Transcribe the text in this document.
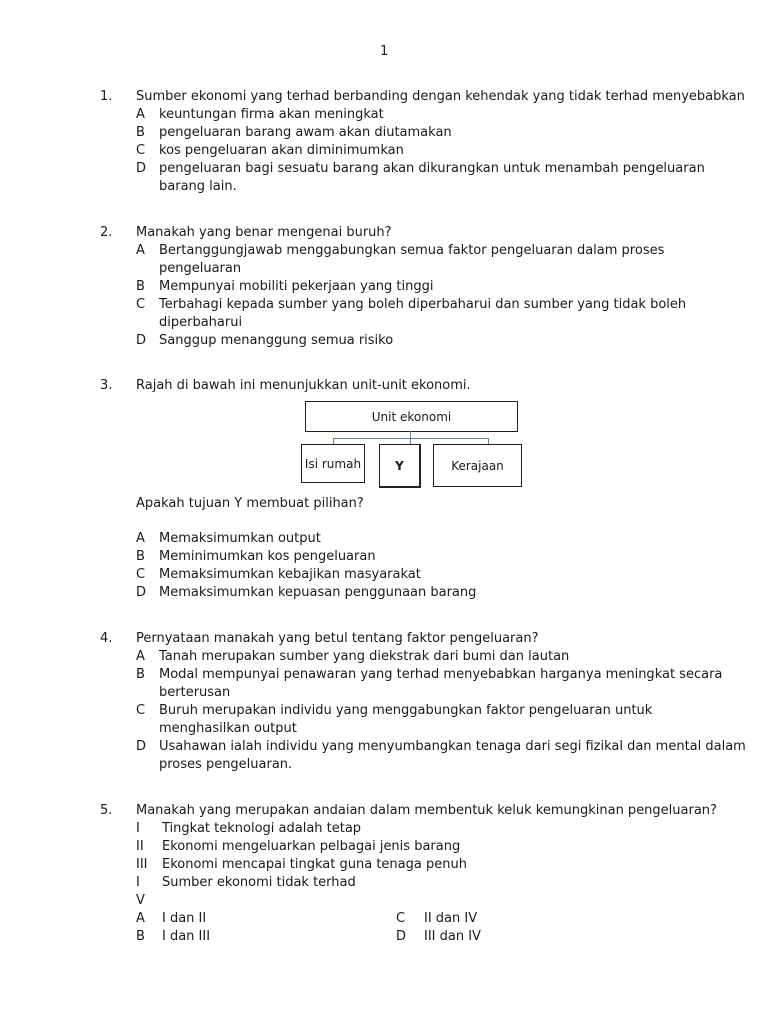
1
1. Sumber ekonomi yang terhad berbanding dengan kehendak yang tidak terhad menyebabkan
A keuntungan firma akan meningkat
B pengeluaran barang awam akan diutamakan
C kos pengeluaran akan diminimumkan
D pengeluaran bagi sesuatu barang akan dikurangkan untuk menambah pengeluaran
barang lain.
2. Manakah yang benar mengenai buruh?
A Bertanggungjawab menggabungkan semua faktor pengeluaran dalam proses
pengeluaran
B Mempunyai mobiliti pekerjaan yang tinggi
C Terbahagi kepada sumber yang boleh diperbaharui dan sumber yang tidak boleh
diperbaharui
D Sanggup menanggung semua risiko
3. Rajah di bawah ini menunjukkan unit-unit ekonomi.
Unit ekonomi
Isi rumah	Y	Kerajaan
Apakah tujuan Y membuat pilihan?
A Memaksimumkan output
B Meminimumkan kos pengeluaran
C Memaksimumkan kebajikan masyarakat
D Memaksimumkan kepuasan penggunaan barang
4. Pernyataan manakah yang betul tentang faktor pengeluaran?
A Tanah merupakan sumber yang diekstrak dari bumi dan lautan
B Modal mempunyai penawaran yang terhad menyebabkan harganya meningkat secara
berterusan
C Buruh merupakan individu yang menggabungkan faktor pengeluaran untuk
menghasilkan output
D Usahawan ialah individu yang menyumbangkan tenaga dari segi fizikal dan mental dalam
proses pengeluaran.
5. Manakah yang merupakan andaian dalam membentuk keluk kemungkinan pengeluaran?
I Tingkat teknologi adalah tetap
II Ekonomi mengeluarkan pelbagai jenis barang
III Ekonomi mencapai tingkat guna tenaga penuh
I Sumber ekonomi tidak terhad
V
A I dan II	C II dan IV
B I dan III	D III dan IV
